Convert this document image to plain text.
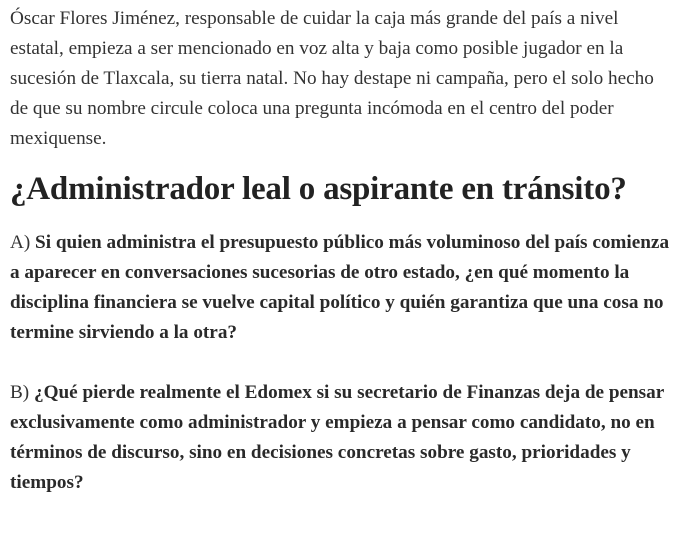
Óscar Flores Jiménez, responsable de cuidar la caja más grande del país a nivel estatal, empieza a ser mencionado en voz alta y baja como posible jugador en la sucesión de Tlaxcala, su tierra natal. No hay destape ni campaña, pero el solo hecho de que su nombre circule coloca una pregunta incómoda en el centro del poder mexiquense.

¿Administrador leal o aspirante en tránsito?

A) Si quien administra el presupuesto público más voluminoso del país comienza a aparecer en conversaciones sucesorias de otro estado, ¿en qué momento la disciplina financiera se vuelve capital político y quién garantiza que una cosa no termine sirviendo a la otra?

B) ¿Qué pierde realmente el Edomex si su secretario de Finanzas deja de pensar exclusivamente como administrador y empieza a pensar como candidato, no en términos de discurso, sino en decisiones concretas sobre gasto, prioridades y tiempos?
